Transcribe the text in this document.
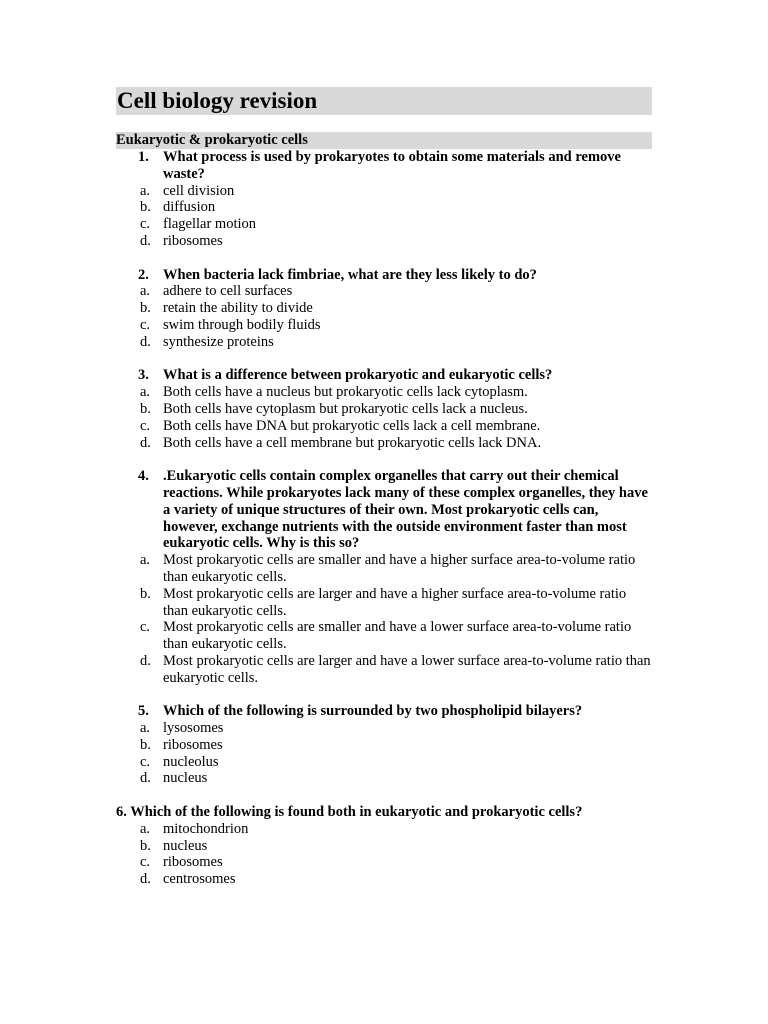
Cell biology revision
Eukaryotic & prokaryotic cells
1. What process is used by prokaryotes to obtain some materials and remove waste?
a. cell division
b. diffusion
c. flagellar motion
d. ribosomes
2. When bacteria lack fimbriae, what are they less likely to do?
a. adhere to cell surfaces
b. retain the ability to divide
c. swim through bodily fluids
d. synthesize proteins
3. What is a difference between prokaryotic and eukaryotic cells?
a. Both cells have a nucleus but prokaryotic cells lack cytoplasm.
b. Both cells have cytoplasm but prokaryotic cells lack a nucleus.
c. Both cells have DNA but prokaryotic cells lack a cell membrane.
d. Both cells have a cell membrane but prokaryotic cells lack DNA.
4. .Eukaryotic cells contain complex organelles that carry out their chemical reactions. While prokaryotes lack many of these complex organelles, they have a variety of unique structures of their own. Most prokaryotic cells can, however, exchange nutrients with the outside environment faster than most eukaryotic cells. Why is this so?
a. Most prokaryotic cells are smaller and have a higher surface area-to-volume ratio than eukaryotic cells.
b. Most prokaryotic cells are larger and have a higher surface area-to-volume ratio than eukaryotic cells.
c. Most prokaryotic cells are smaller and have a lower surface area-to-volume ratio than eukaryotic cells.
d. Most prokaryotic cells are larger and have a lower surface area-to-volume ratio than eukaryotic cells.
5. Which of the following is surrounded by two phospholipid bilayers?
a. lysosomes
b. ribosomes
c. nucleolus
d. nucleus
6. Which of the following is found both in eukaryotic and prokaryotic cells?
a. mitochondrion
b. nucleus
c. ribosomes
d. centrosomes
